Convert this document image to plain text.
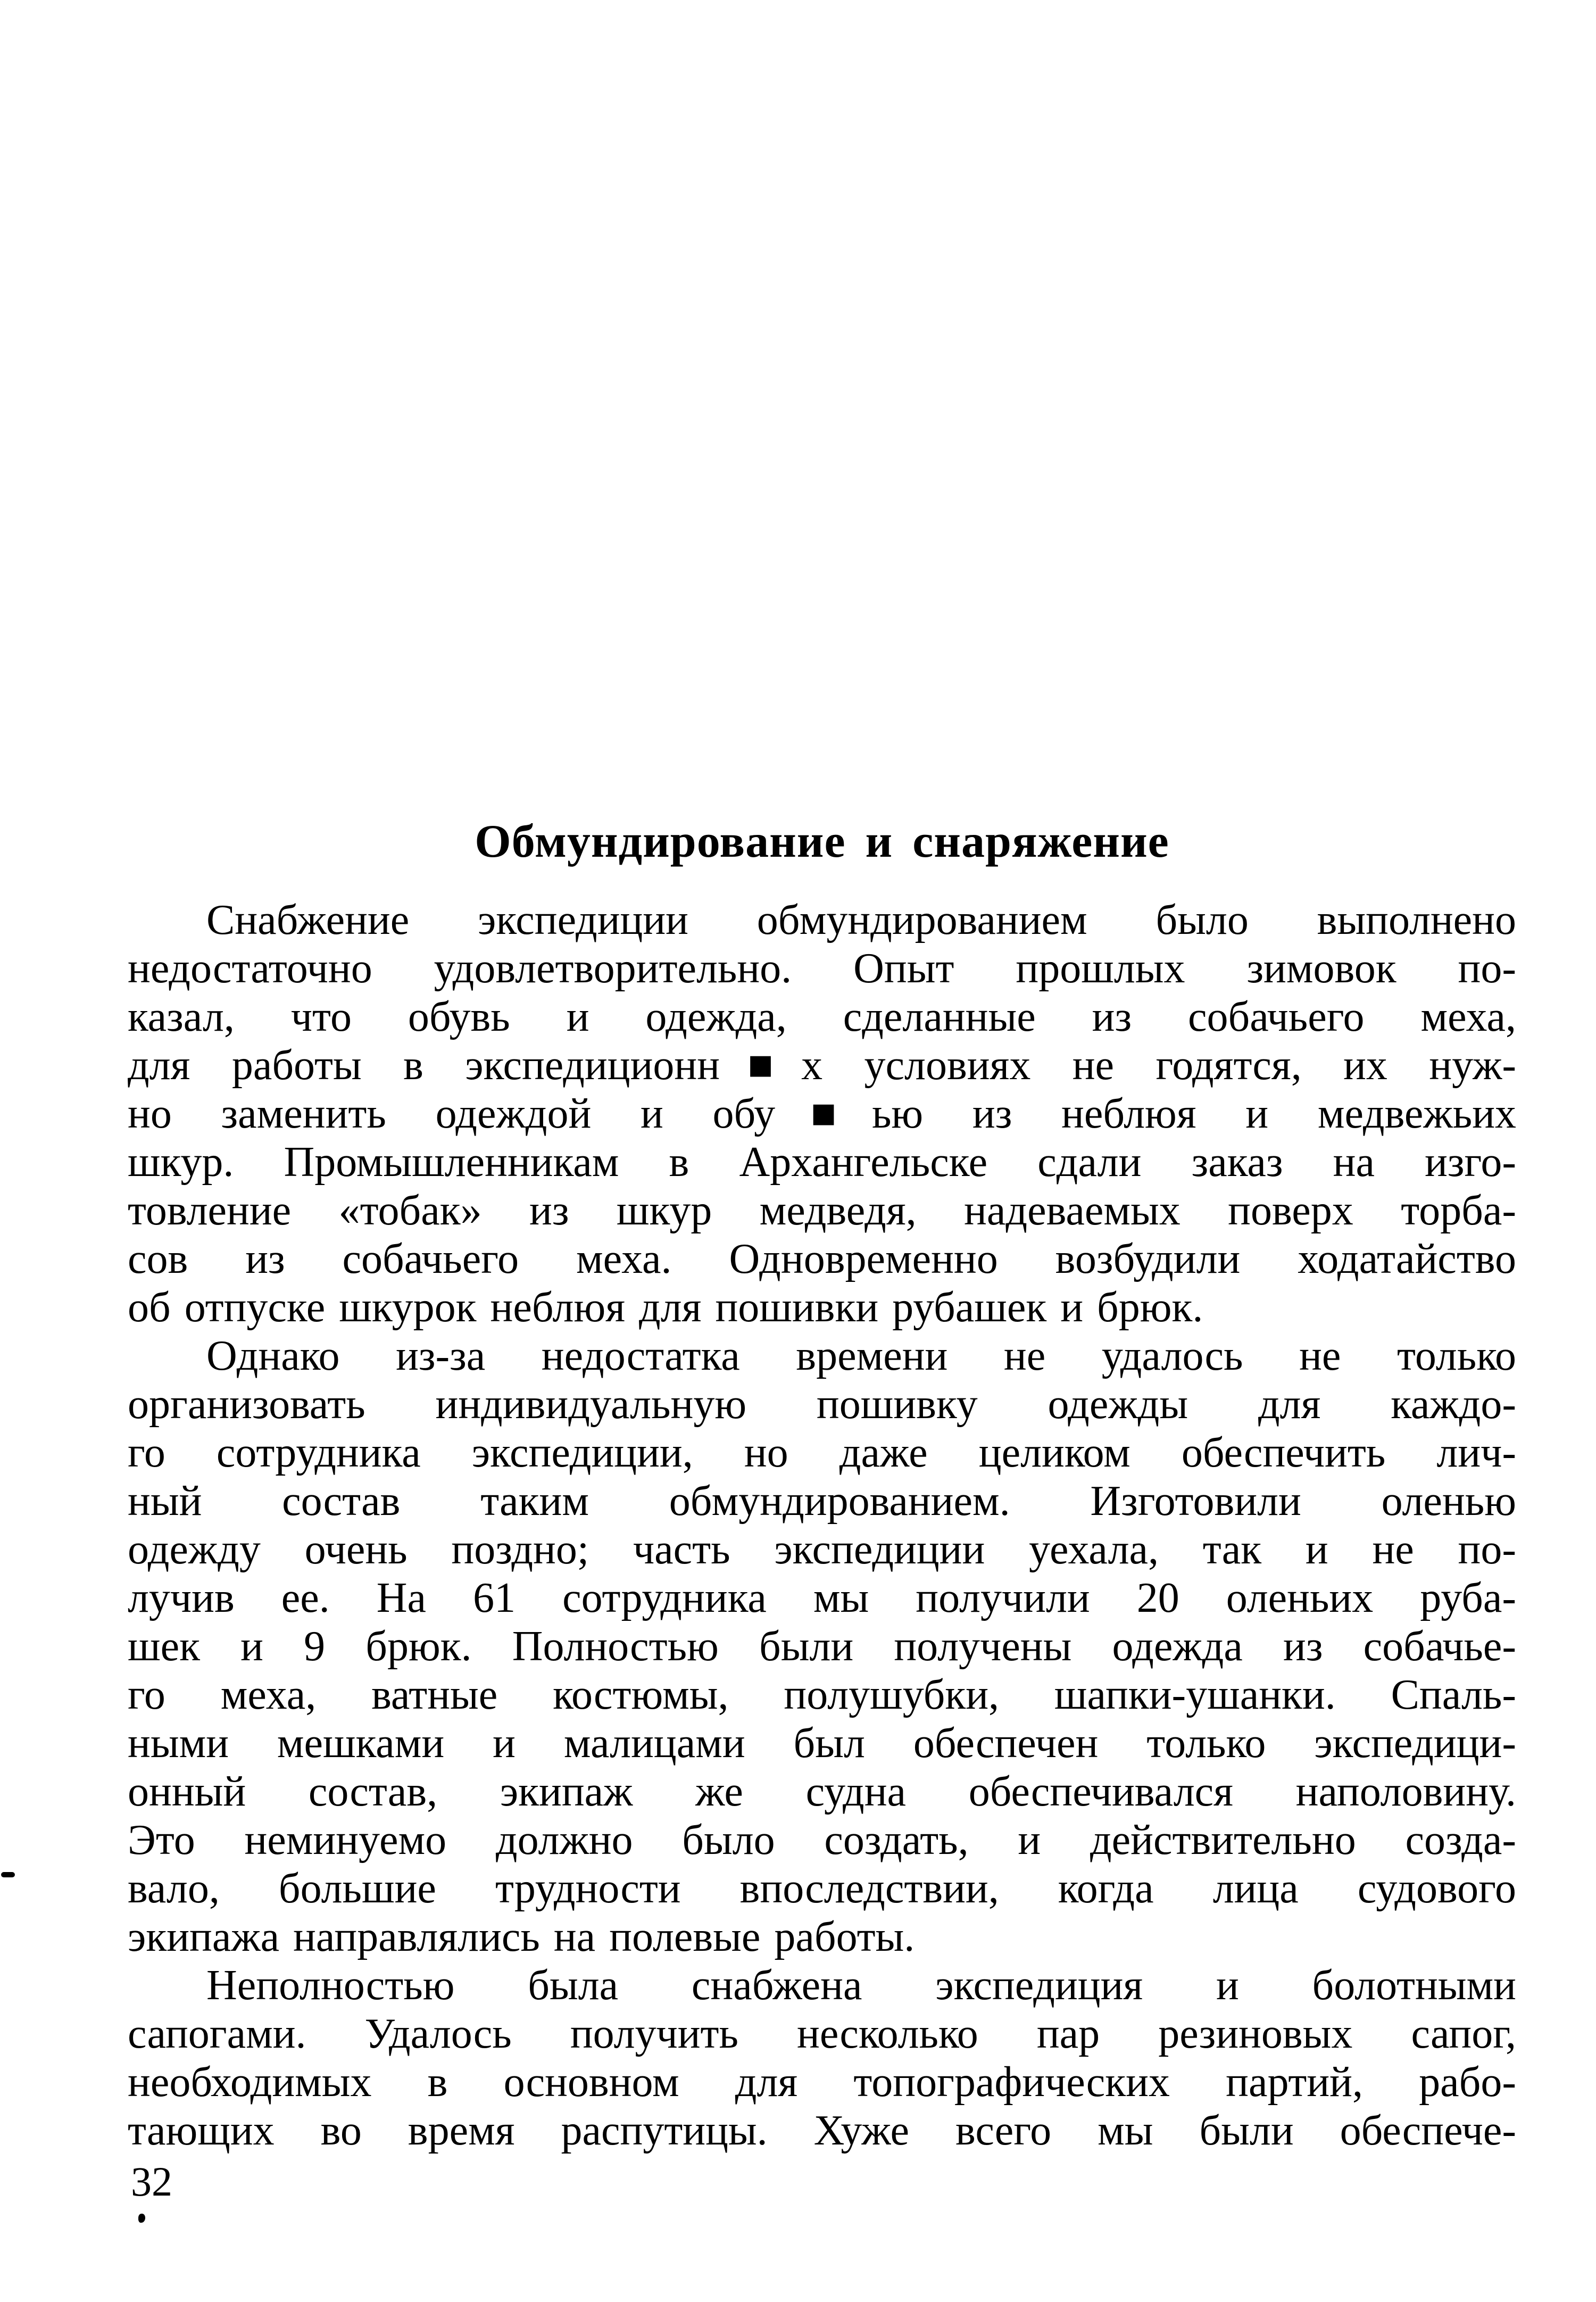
Обмундирование и снаряжение
Снабжение экспедиции обмундированием было выполнено
недостаточно удовлетворительно. Опыт прошлых зимовок по-
казал, что обувь и одежда, сделанные из собачьего меха,
для работы в экспедиционн■х условиях не годятся, их нуж-
но заменить одеждой и обу■ью из неблюя и медвежьих
шкур. Промышленникам в Архангельске сдали заказ на изго-
товление «тобак» из шкур медведя, надеваемых поверх торба-
сов из собачьего меха. Одновременно возбудили ходатайство
об отпуске шкурок неблюя для пошивки рубашек и брюк.
Однако из-за недостатка времени не удалось не только
организовать индивидуальную пошивку одежды для каждо-
го сотрудника экспедиции, но даже целиком обеспечить лич-
ный состав таким обмундированием. Изготовили оленью
одежду очень поздно; часть экспедиции уехала, так и не по-
лучив ее. На 61 сотрудника мы получили 20 оленьих руба-
шек и 9 брюк. Полностью были получены одежда из собачье-
го меха, ватные костюмы, полушубки, шапки-ушанки. Спаль-
ными мешками и малицами был обеспечен только экспедици-
онный состав, экипаж же судна обеспечивался наполовину.
Это неминуемо должно было создать, и действительно созда-
вало, большие трудности впоследствии, когда лица судового
экипажа направлялись на полевые работы.
Неполностью была снабжена экспедиция и болотными
сапогами. Удалось получить несколько пар резиновых сапог,
необходимых в основном для топографических партий, рабо-
тающих во время распутицы. Хуже всего мы были обеспече-
32
